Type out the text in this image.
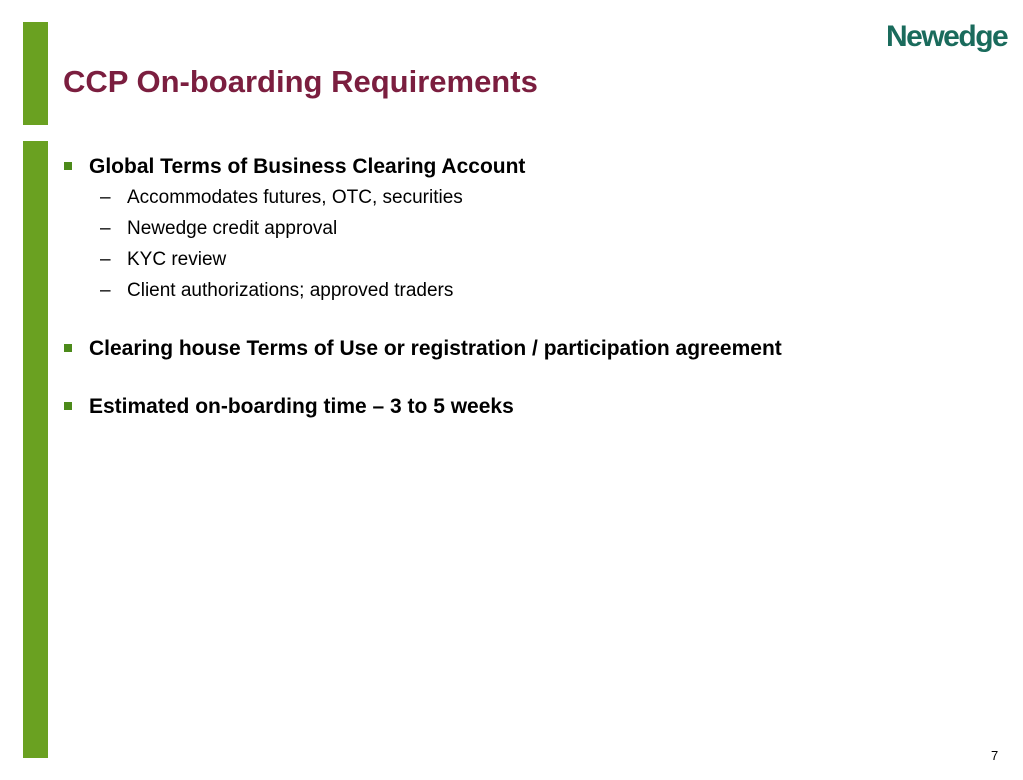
CCP On-boarding Requirements
Newedge
Global Terms of Business Clearing Account
– Accommodates futures, OTC, securities
– Newedge credit approval
– KYC review
– Client authorizations; approved traders
Clearing house Terms of Use or registration / participation agreement
Estimated on-boarding time – 3 to 5 weeks
7
